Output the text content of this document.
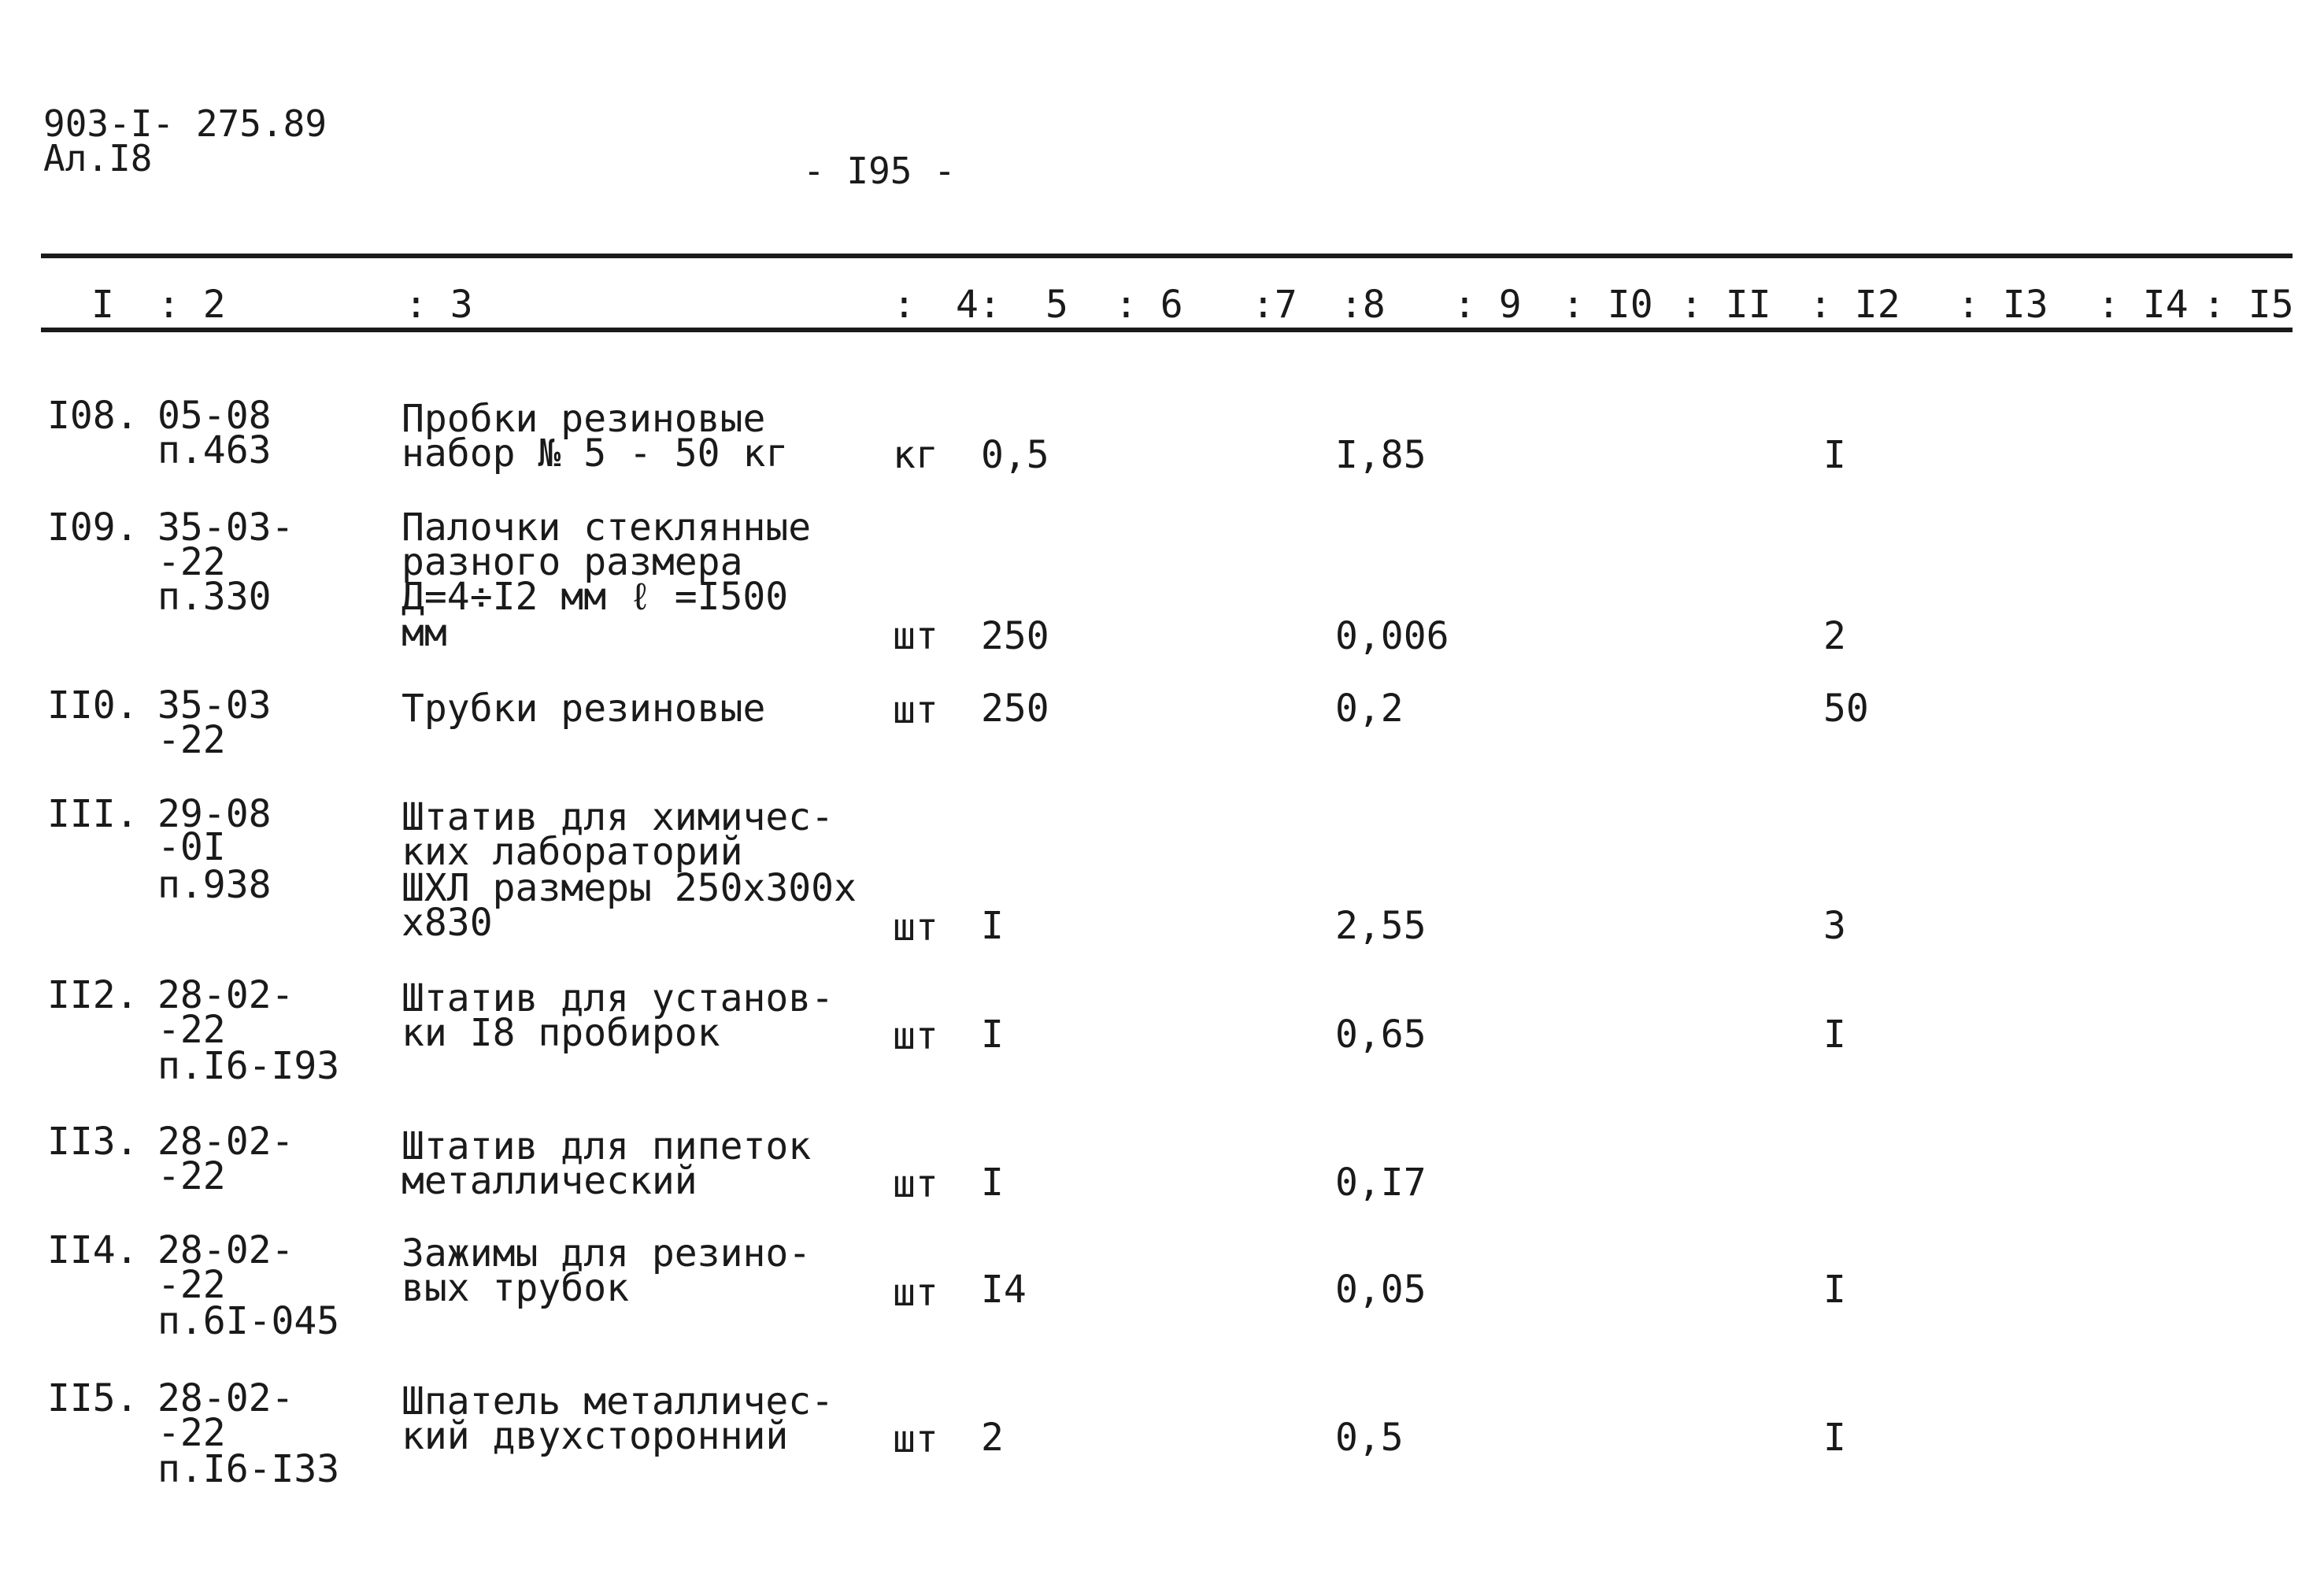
903-I- 275.89
Ал.I8	- I95 -
I : 2	: 3	: 4: 5 : 6 :7 :8 : 9 : I0 : II : I2 : I3 : I4 : I5
I08. 05-08
п.463
Пробки резиновые
набор № 5 - 50 кг	кг 0,5	I,85	I
I09. 35-03-
-22
п.330
Палочки стеклянные
разного размера
Д=4÷I2 мм ℓ =I500
мм	шт 250	0,006	2
II0. 35-03
-22
Трубки резиновые	шт 250	0,2	50
III. 29-08
-0I
п.938
Штатив для химичес-
ких лабораторий
ШХЛ размеры 250х300х
х830	шт I	2,55	3
II2. 28-02-
-22
п.I6-I93
Штатив для установ-
ки I8 пробирок	шт I	0,65	I
II3. 28-02-
-22
Штатив для пипеток
металлический	шт I	0,I7
II4. 28-02-
-22
п.6I-045
Зажимы для резино-
вых трубок	шт I4	0,05	I
II5. 28-02-
-22
п.I6-I33
Шпатель металличес-
кий двухсторонний	шт 2	0,5	I
